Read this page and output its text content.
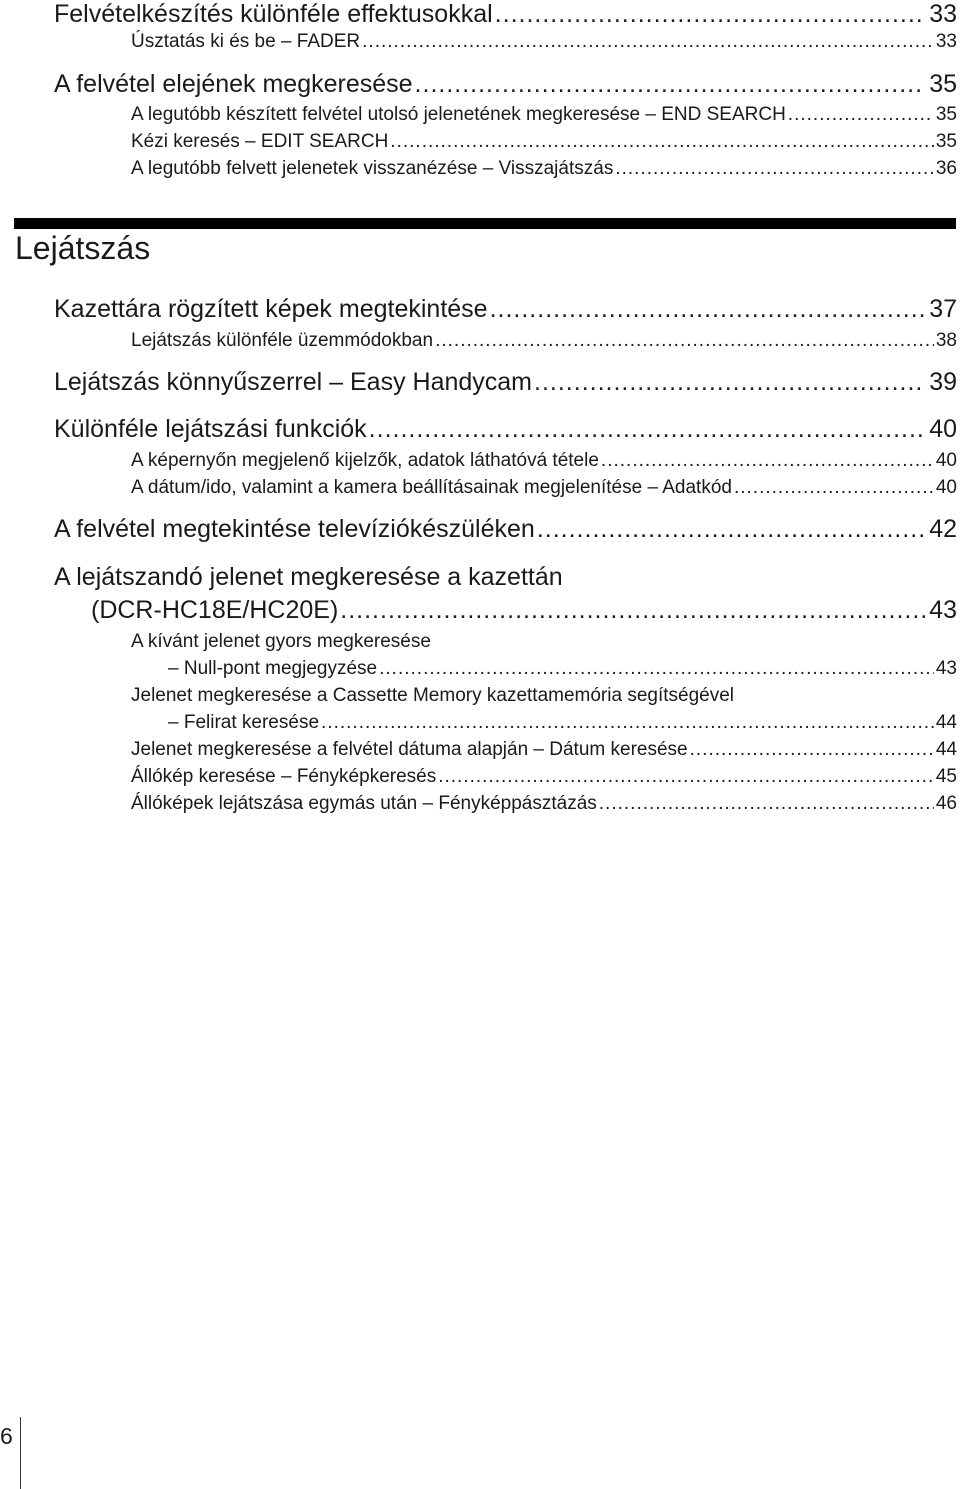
Felvételkészítés különféle effektusokkal .....	33
Úsztatás ki és be – FADER .....	33
A felvétel elejének megkeresése .....	35
A legutóbb készített felvétel utolsó jelenetének megkeresése – END SEARCH .....	35
Kézi keresés – EDIT SEARCH .....	35
A legutóbb felvett jelenetek visszanézése – Visszajátszás .....	36
Lejátszás
Kazettára rögzített képek megtekintése .....	37
Lejátszás különféle üzemmódokban .....	38
Lejátszás könnyűszerrel – Easy Handycam .....	39
Különféle lejátszási funkciók .....	40
A képernyőn megjelenő kijelzők, adatok láthatóvá tétele .....	40
A dátum/ido, valamint a kamera beállításainak megjelenítése – Adatkód .....	40
A felvétel megtekintése televíziókészüléken .....	42
A lejátszandó jelenet megkeresése a kazettán
(DCR-HC18E/HC20E) .....	43
A kívánt jelenet gyors megkeresése
– Null-pont megjegyzése .....	43
Jelenet megkeresése a Cassette Memory kazettamemória segítségével
– Felirat keresése .....	44
Jelenet megkeresése a felvétel dátuma alapján – Dátum keresése .....	44
Állókép keresése – Fényképkeresés .....	45
Állóképek lejátszása egymás után – Fényképpásztázás .....	46
6
